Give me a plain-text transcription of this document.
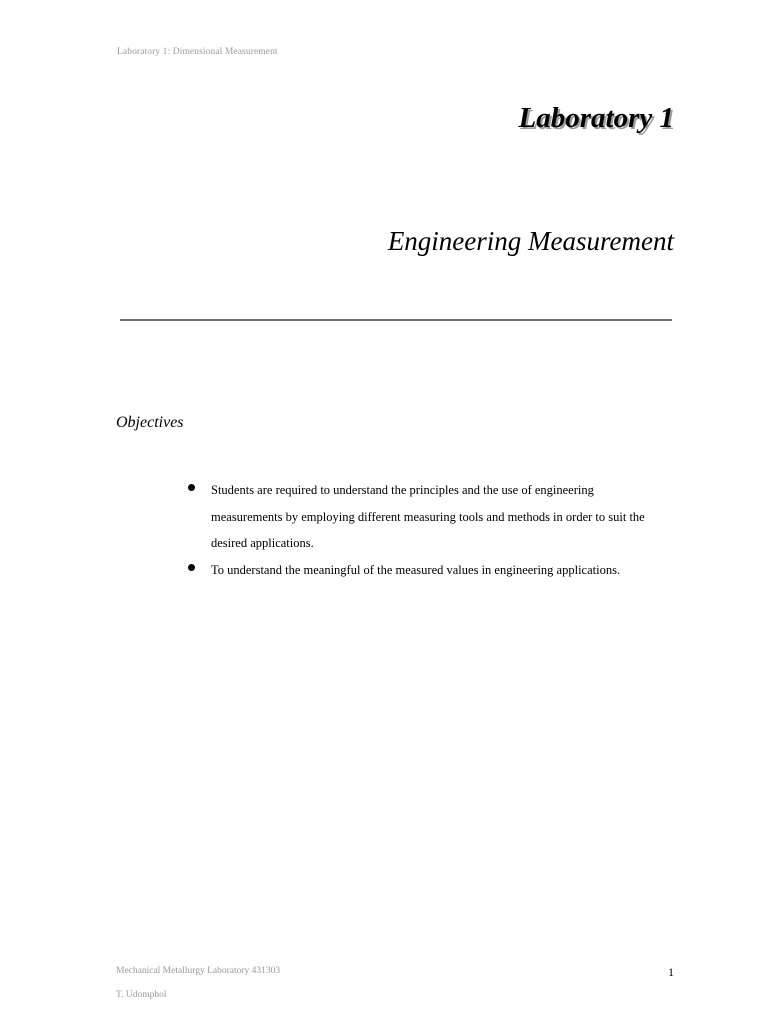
Laboratory 1: Dimensional Measurement
Laboratory 1
Engineering Measurement
Objectives
Students are required to understand the principles and the use of engineering measurements by employing different measuring tools and methods in order to suit the desired applications.
To understand the meaningful of the measured values in engineering applications.
Mechanical Metallurgy Laboratory 431303	1
T. Udomphol
